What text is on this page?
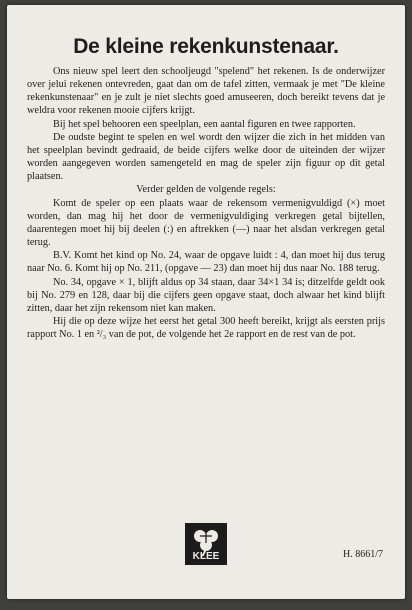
De kleine rekenkunstenaar.

Ons nieuw spel leert den schooljeugd "spelend" het rekenen. Is de onderwijzer over jelui rekenen ontevreden, gaat dan om de tafel zitten, vermaak je met "De kleine rekenkunstenaar" en je zult je niet slechts goed amuseeren, doch bereikt tevens dat je weldra voor rekenen mooie cijfers krijgt.

Bij het spel behooren een speelplan, een aantal figuren en twee rapporten.

De oudste begint te spelen en wel wordt den wijzer die zich in het midden van het speelplan bevindt gedraaid, de beide cijfers welke door de uiteinden der wijzer worden aangegeven worden samengeteld en mag de speler zijn figuur op dit getal plaatsen.

Verder gelden de volgende regels:

Komt de speler op een plaats waar de rekensom vermenigvuldigd (×) moet worden, dan mag hij het door de vermenigvuldiging verkregen getal bijtellen, daarentegen moet hij bij deelen (:) en aftrekken (—) naar het alsdan verkregen getal terug.

B.V. Komt het kind op No. 24, waar de opgave luidt : 4, dan moet hij dus terug naar No. 6. Komt hij op No. 211, (opgave — 23) dan moet hij dus naar No. 188 terug.

No. 34, opgave × 1, blijft aldus op 34 staan, daar 34×1 34 is; ditzelfde geldt ook bij No. 279 en 128, daar bij die cijfers geen opgave staat, doch alwaar het kind blijft zitten, daar het zijn rekensom niet kan maken.

Hij die op deze wijze het eerst het getal 300 heeft bereikt, krijgt als eersten prijs rapport No. 1 en ²/₃ van de pot, de volgende het 2e rapport en de rest van de pot.

KLEE	H. 8661/7
